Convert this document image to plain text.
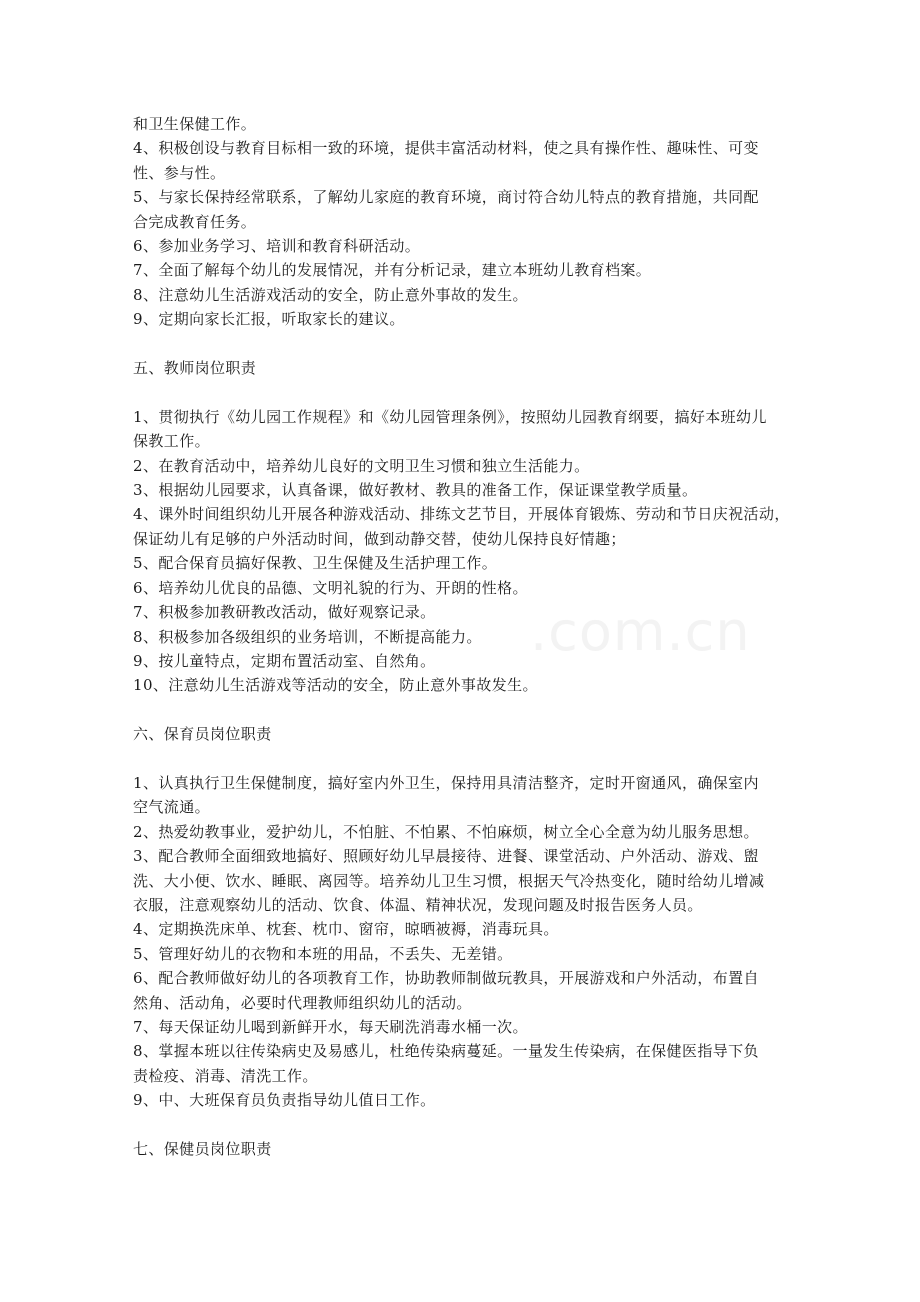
.com.cn
和卫生保健工作。
4、积极创设与教育目标相一致的环境，提供丰富活动材料，使之具有操作性、趣味性、可变
性、参与性。
5、与家长保持经常联系，了解幼儿家庭的教育环境，商讨符合幼儿特点的教育措施，共同配
合完成教育任务。
6、参加业务学习、培训和教育科研活动。
7、全面了解每个幼儿的发展情况，并有分析记录，建立本班幼儿教育档案。
8、注意幼儿生活游戏活动的安全，防止意外事故的发生。
9、定期向家长汇报，听取家长的建议。
五、教师岗位职责
1、贯彻执行《幼儿园工作规程》和《幼儿园管理条例》，按照幼儿园教育纲要，搞好本班幼儿
保教工作。
2、在教育活动中，培养幼儿良好的文明卫生习惯和独立生活能力。
3、根据幼儿园要求，认真备课，做好教材、教具的准备工作，保证课堂教学质量。
4、课外时间组织幼儿开展各种游戏活动、排练文艺节目，开展体育锻炼、劳动和节日庆祝活动，
保证幼儿有足够的户外活动时间，做到动静交替，使幼儿保持良好情趣；
5、配合保育员搞好保教、卫生保健及生活护理工作。
6、培养幼儿优良的品德、文明礼貌的行为、开朗的性格。
7、积极参加教研教改活动，做好观察记录。
8、积极参加各级组织的业务培训，不断提高能力。
9、按儿童特点，定期布置活动室、自然角。
10、注意幼儿生活游戏等活动的安全，防止意外事故发生。
六、保育员岗位职责
1、认真执行卫生保健制度，搞好室内外卫生，保持用具清洁整齐，定时开窗通风，确保室内
空气流通。
2、热爱幼教事业，爱护幼儿，不怕脏、不怕累、不怕麻烦，树立全心全意为幼儿服务思想。
3、配合教师全面细致地搞好、照顾好幼儿早晨接待、进餐、课堂活动、户外活动、游戏、盥
洗、大小便、饮水、睡眠、离园等。培养幼儿卫生习惯，根据天气冷热变化，随时给幼儿增减
衣服，注意观察幼儿的活动、饮食、体温、精神状况，发现问题及时报告医务人员。
4、定期换洗床单、枕套、枕巾、窗帘，晾晒被褥，消毒玩具。
5、管理好幼儿的衣物和本班的用品，不丢失、无差错。
6、配合教师做好幼儿的各项教育工作，协助教师制做玩教具，开展游戏和户外活动，布置自
然角、活动角，必要时代理教师组织幼儿的活动。
7、每天保证幼儿喝到新鲜开水，每天刷洗消毒水桶一次。
8、掌握本班以往传染病史及易感儿，杜绝传染病蔓延。一量发生传染病，在保健医指导下负
责检疫、消毒、清洗工作。
9、中、大班保育员负责指导幼儿值日工作。
七、保健员岗位职责
